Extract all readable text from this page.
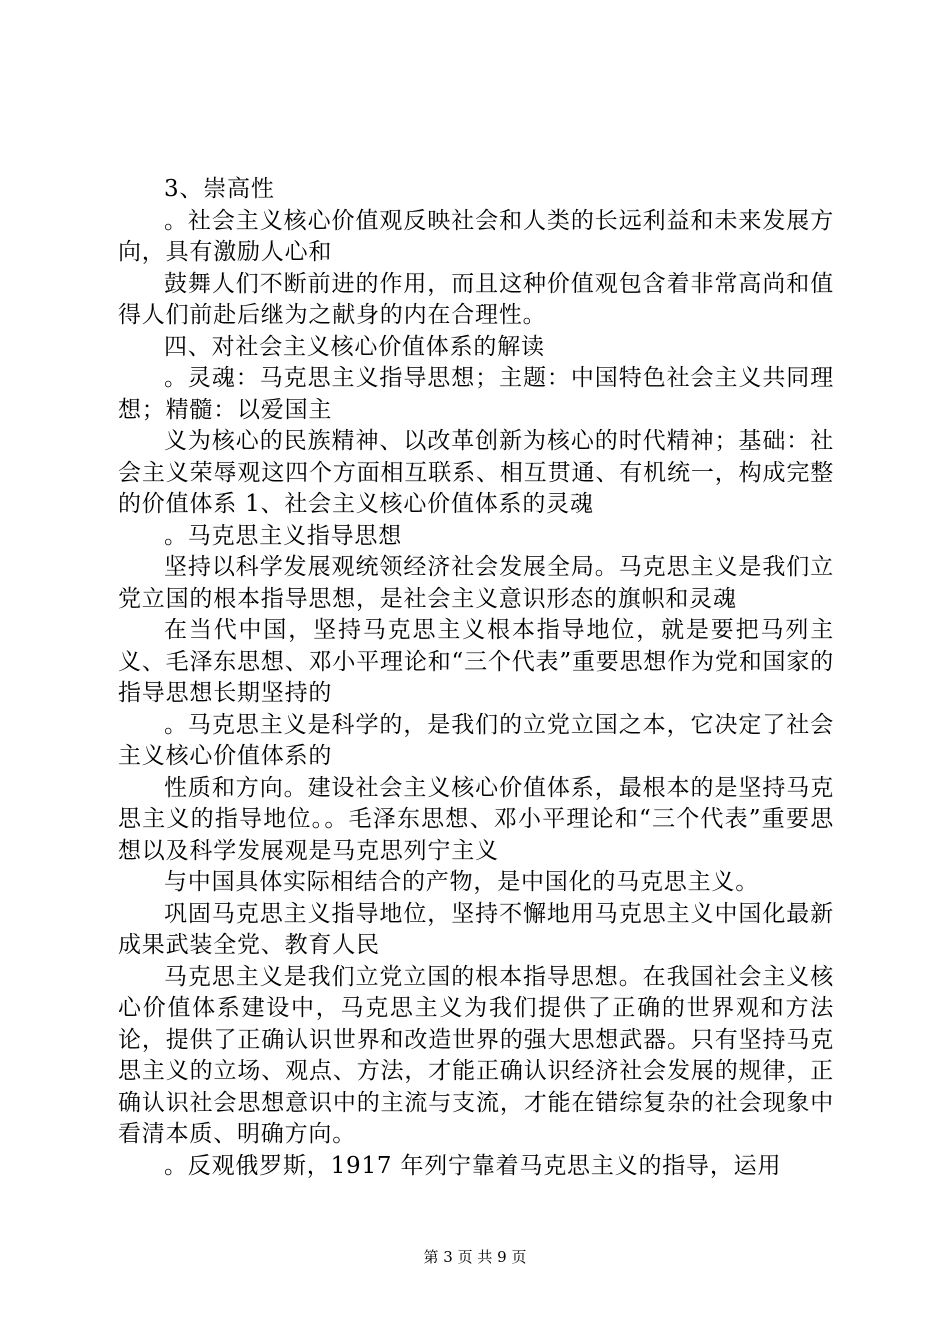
3、崇高性

。社会主义核心价值观反映社会和人类的长远利益和未来发展方向，具有激励人心和

鼓舞人们不断前进的作用，而且这种价值观包含着非常高尚和值得人们前赴后继为之献身的内在合理性。

四、对社会主义核心价值体系的解读

。灵魂：马克思主义指导思想；主题：中国特色社会主义共同理想；精髓：以爱国主

义为核心的民族精神、以改革创新为核心的时代精神；基础：社会主义荣辱观这四个方面相互联系、相互贯通、有机统一，构成完整的价值体系 1、社会主义核心价值体系的灵魂

。马克思主义指导思想

坚持以科学发展观统领经济社会发展全局。马克思主义是我们立党立国的根本指导思想，是社会主义意识形态的旗帜和灵魂

在当代中国，坚持马克思主义根本指导地位，就是要把马列主义、毛泽东思想、邓小平理论和“三个代表”重要思想作为党和国家的指导思想长期坚持的

。马克思主义是科学的，是我们的立党立国之本，它决定了社会主义核心价值体系的

性质和方向。建设社会主义核心价值体系，最根本的是坚持马克思主义的指导地位。。毛泽东思想、邓小平理论和“三个代表”重要思想以及科学发展观是马克思列宁主义

与中国具体实际相结合的产物，是中国化的马克思主义。

巩固马克思主义指导地位，坚持不懈地用马克思主义中国化最新成果武装全党、教育人民

马克思主义是我们立党立国的根本指导思想。在我国社会主义核心价值体系建设中，马克思主义为我们提供了正确的世界观和方法论，提供了正确认识世界和改造世界的强大思想武器。只有坚持马克思主义的立场、观点、方法，才能正确认识经济社会发展的规律，正确认识社会思想意识中的主流与支流，才能在错综复杂的社会现象中看清本质、明确方向。

。反观俄罗斯，1917 年列宁靠着马克思主义的指导，运用

第 3 页 共 9 页
